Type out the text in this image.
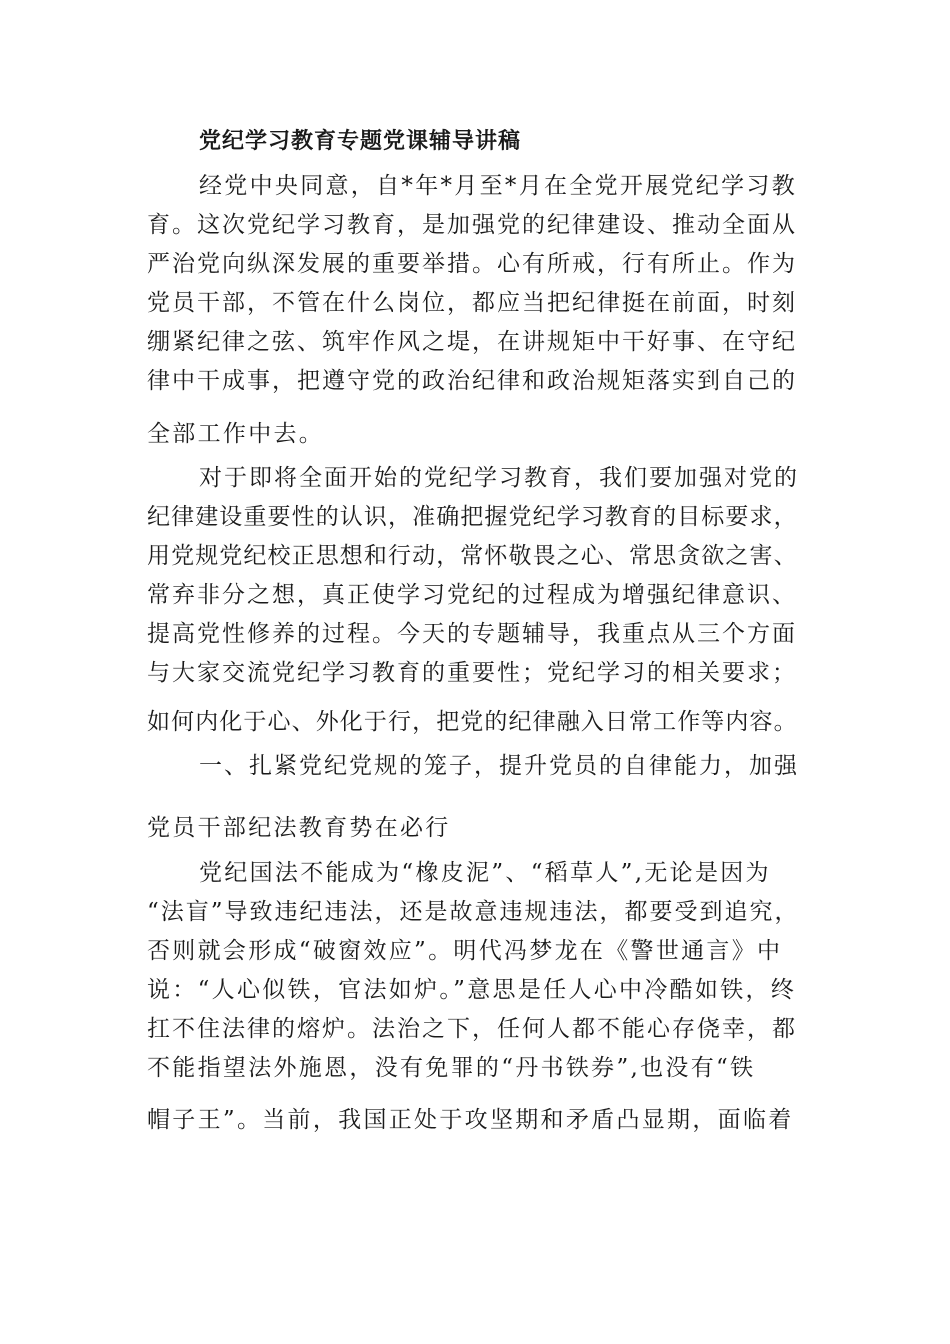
党纪学习教育专题党课辅导讲稿
经党中央同意，自*年*月至*月在全党开展党纪学习教
育。这次党纪学习教育，是加强党的纪律建设、推动全面从
严治党向纵深发展的重要举措。心有所戒，行有所止。作为
党员干部，不管在什么岗位，都应当把纪律挺在前面，时刻
绷紧纪律之弦、筑牢作风之堤，在讲规矩中干好事、在守纪
律中干成事，把遵守党的政治纪律和政治规矩落实到自己的
全部工作中去。
对于即将全面开始的党纪学习教育，我们要加强对党的
纪律建设重要性的认识，准确把握党纪学习教育的目标要求，
用党规党纪校正思想和行动，常怀敬畏之心、常思贪欲之害、
常弃非分之想，真正使学习党纪的过程成为增强纪律意识、
提高党性修养的过程。今天的专题辅导，我重点从三个方面
与大家交流党纪学习教育的重要性；党纪学习的相关要求；
如何内化于心、外化于行，把党的纪律融入日常工作等内容。
一、扎紧党纪党规的笼子，提升党员的自律能力，加强
党员干部纪法教育势在必行
党纪国法不能成为“橡皮泥”、“稻草人”,无论是因为
“法盲”导致违纪违法，还是故意违规违法，都要受到追究，
否则就会形成“破窗效应”。明代冯梦龙在《警世通言》中
说：“人心似铁，官法如炉。”意思是任人心中冷酷如铁，终
扛不住法律的熔炉。法治之下，任何人都不能心存侥幸，都
不能指望法外施恩，没有免罪的“丹书铁券”,也没有“铁
帽子王”。当前，我国正处于攻坚期和矛盾凸显期，面临着
